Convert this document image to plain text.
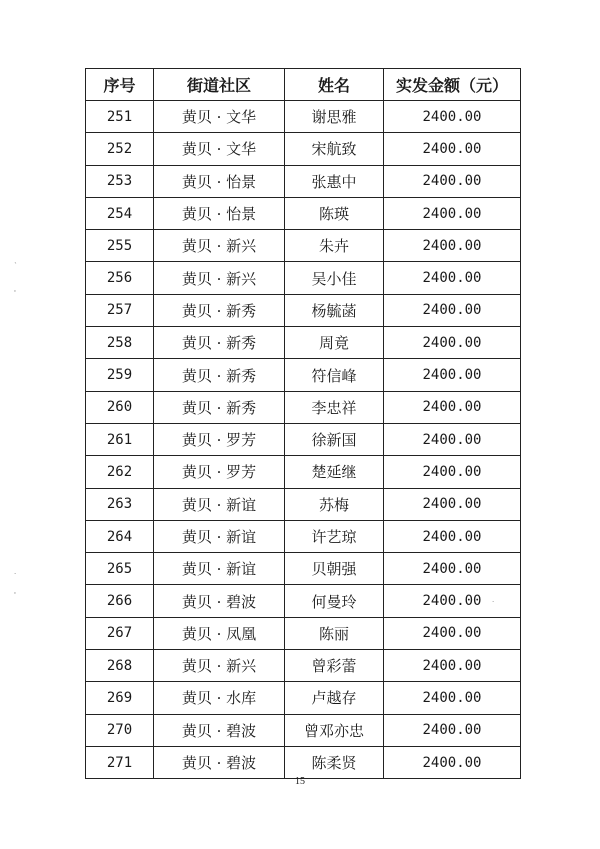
序号	街道社区	姓名	实发金额（元）
251	黄贝 · 文华	谢思雅	2400.00
252	黄贝 · 文华	宋航致	2400.00
253	黄贝 · 怡景	张惠中	2400.00
254	黄贝 · 怡景	陈瑛	2400.00
255	黄贝 · 新兴	朱卉	2400.00
256	黄贝 · 新兴	吴小佳	2400.00
257	黄贝 · 新秀	杨毓菡	2400.00
258	黄贝 · 新秀	周竟	2400.00
259	黄贝 · 新秀	符信峰	2400.00
260	黄贝 · 新秀	李忠祥	2400.00
261	黄贝 · 罗芳	徐新国	2400.00
262	黄贝 · 罗芳	楚延继	2400.00
263	黄贝 · 新谊	苏梅	2400.00
264	黄贝 · 新谊	许艺琼	2400.00
265	黄贝 · 新谊	贝朝强	2400.00
266	黄贝 · 碧波	何曼玲	2400.00
267	黄贝 · 凤凰	陈丽	2400.00
268	黄贝 · 新兴	曾彩蕾	2400.00
269	黄贝 · 水库	卢越存	2400.00
270	黄贝 · 碧波	曾邓亦忠	2400.00
271	黄贝 · 碧波	陈柔贤	2400.00
15
`
'
.
'
·
